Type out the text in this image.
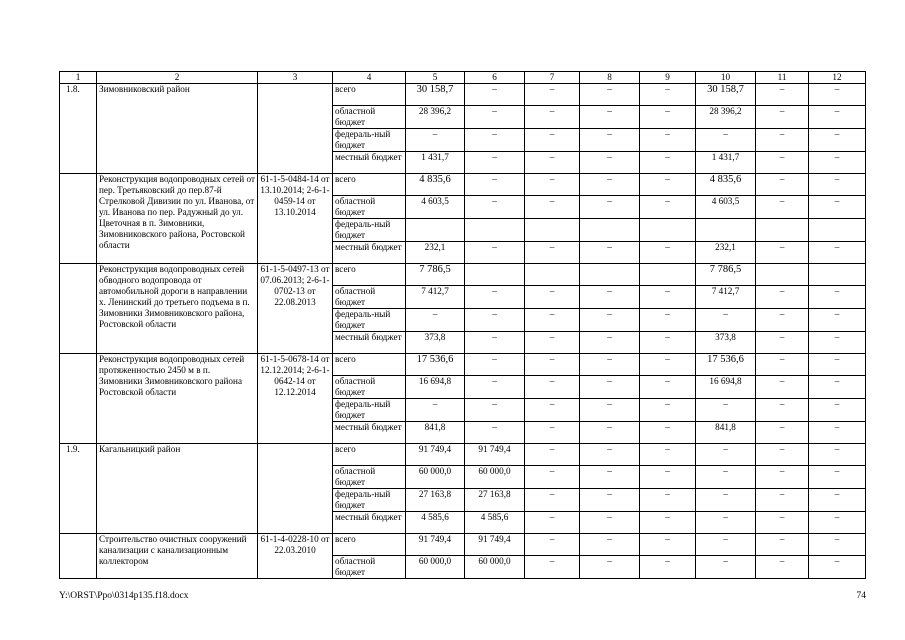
1	2	3	4	5	6	7	8	9	10	11	12
1.8.	Зимовниковский район		всего	30 158,7	–	–	–	–	30 158,7	–	–
			областной бюджет	28 396,2	–	–	–	–	28 396,2	–	–
			федераль-ный бюджет	–	–	–	–	–	–	–	–
			местный бюджет	1 431,7	–	–	–	–	1 431,7	–	–
	Реконструкция водопроводных сетей от пер. Третьяковский до пер.87-й Стрелковой Дивизии по ул. Иванова, от ул. Иванова по пер. Радужный до ул. Цветочная в п. Зимовники, Зимовниковского района, Ростовской области	61-1-5-0484-14 от 13.10.2014; 2-6-1-0459-14 от 13.10.2014	всего	4 835,6	–	–	–	–	4 835,6	–	–
			областной бюджет	4 603,5	–	–	–	–	4 603,5	–	–
			федераль-ный бюджет								
			местный бюджет	232,1	–	–	–	–	232,1	–	–
	Реконструкция водопроводных сетей обводного водопровода от автомобильной дороги в направлении х. Ленинский до третьего подъема в п. Зимовники Зимовниковского района, Ростовской области	61-1-5-0497-13 от 07.06.2013; 2-6-1-0702-13 от 22.08.2013	всего	7 786,5					7 786,5		
			областной бюджет	7 412,7	–	–	–	–	7 412,7	–	–
			федераль-ный бюджет	–	–	–	–	–	–	–	–
			местный бюджет	373,8	–	–	–	–	373,8	–	–
	Реконструкция водопроводных сетей протяженностью 2450 м в п. Зимовники Зимовниковского района Ростовской области	61-1-5-0678-14 от 12.12.2014; 2-6-1-0642-14 от 12.12.2014	всего	17 536,6	–	–	–	–	17 536,6	–	–
			областной бюджет	16 694,8	–	–	–	–	16 694,8	–	–
			федераль-ный бюджет	–	–	–	–	–	–	–	–
			местный бюджет	841,8	–	–	–	–	841,8	–	–
1.9.	Кагальницкий район		всего	91 749,4	91 749,4	–	–	–	–	–	–
			областной бюджет	60 000,0	60 000,0	–	–	–	–	–	–
			федераль-ный бюджет	27 163,8	27 163,8	–	–	–	–	–	–
			местный бюджет	4 585,6	4 585,6	–	–	–	–	–	–
	Строительство очистных сооружений канализации с канализационным коллектором	61-1-4-0228-10 от 22.03.2010	всего	91 749,4	91 749,4	–	–	–	–	–	–
			областной бюджет	60 000,0	60 000,0	–	–	–	–	–	–
Y:\ORST\Ppo\0314p135.f18.docx	74
